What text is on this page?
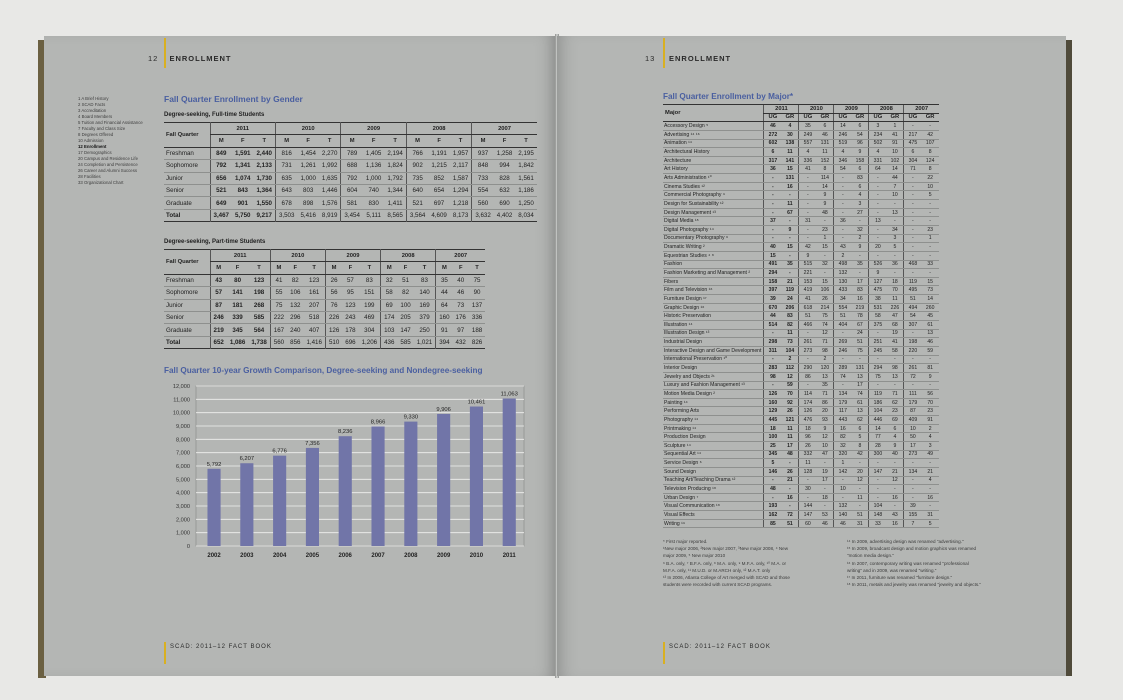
12 ENROLLMENT
1 A Brief History
2 SCAD Facts
3 Accreditation
4 Board Members
5 Tuition and Financial Assistance
7 Faculty and Class Size
8 Degrees Offered
10 Admission
12 Enrollment
17 Demographics
20 Campus and Residence Life
24 Completion and Persistence
26 Career and Alumni Success
28 Facilities
33 Organizational Chart
Fall Quarter Enrollment by Gender
Degree-seeking, Full-time Students
Fall Quarter	2011			2010			2009			2008			2007		
	M	F	T	M	F	T	M	F	T	M	F	T	M	F	T
Freshman	849	1,591	2,440	816	1,454	2,270	789	1,405	2,194	766	1,191	1,957	937	1,258	2,195
Sophomore	792	1,341	2,133	731	1,261	1,992	688	1,136	1,824	902	1,215	2,117	848	994	1,842
Junior	656	1,074	1,730	635	1,000	1,635	792	1,000	1,792	735	852	1,587	733	828	1,561
Senior	521	843	1,364	643	803	1,446	604	740	1,344	640	654	1,294	554	632	1,186
Graduate	649	901	1,550	678	898	1,576	581	830	1,411	521	697	1,218	560	690	1,250
Total	3,467	5,750	9,217	3,503	5,416	8,919	3,454	5,111	8,565	3,564	4,609	8,173	3,632	4,402	8,034
Degree-seeking, Part-time Students
Fall Quarter	2011			2010			2009			2008			2007		
	M	F	T	M	F	T	M	F	T	M	F	T	M	F	T
Freshman	43	80	123	41	82	123	26	57	83	32	51	83	35	40	75
Sophomore	57	141	198	55	106	161	56	95	151	58	82	140	44	46	90
Junior	87	181	268	75	132	207	76	123	199	69	100	169	64	73	137
Senior	246	339	585	222	296	518	226	243	469	174	205	379	160	176	336
Graduate	219	345	564	167	240	407	126	178	304	103	147	250	91	97	188
Total	652	1,086	1,738	560	856	1,416	510	696	1,206	436	585	1,021	394	432	826
Fall Quarter 10-year Growth Comparison, Degree-seeking and Nondegree-seeking
0
1,000
2,000
3,000
4,000
5,000
6,000
7,000
8,000
9,000
10,000
11,000
12,000
5,792
2002
6,207
2003
6,776
2004
7,356
2005
8,236
2006
8,966
2007
9,330
2008
9,906
2009
10,461
2010
11,063
2011
SCAD: 2011–12 FACT BOOK
13	ENROLLMENT
Fall Quarter Enrollment by Major*
Major	2011		2010		2009		2008		2007	
	UG	GR	UG	GR	UG	GR	UG	GR	UG	GR
Accessory Design ⁵	46	4	35	6	14	6	3	1	-	-
Advertising ¹⁴ ¹⁶	272	30	249	46	246	54	234	41	217	42
Animation ¹⁴	602	138	557	131	519	96	502	91	475	107
Architectural History	6	11	4	11	4	9	4	10	6	8
Architecture	317	141	336	152	346	158	331	102	304	124
Art History	36	15	41	8	54	6	64	14	71	8
Arts Administration ¹⁰	-	131	-	114	-	83	-	44	-	22
Cinema Studies ¹²	-	16	-	14	-	6	-	7	-	10
Commercial Photography ⁹	-	-	-	9	-	4	-	10	-	5
Design for Sustainability ¹²	-	11	-	9	-	3	-	-	-	-
Design Management ¹³	-	67	-	48	-	27	-	13	-	-
Digital Media ¹⁸	37	-	31	-	36	-	13	-	-	-
Digital Photography ¹⁴	-	9	-	23	-	32	-	34	-	23
Documentary Photography ⁶	-	-	-	1	-	2	-	3	-	1
Dramatic Writing ²	40	15	42	15	43	9	20	5	-	-
Equestrian Studies ⁴ ⁸	15	-	9	-	2	-	-	-	-	-
Fashion	491	35	515	32	498	35	526	36	468	33
Fashion Marketing and Management ²	294	-	221	-	132	-	9	-	-	-
Fibers	158	21	153	15	130	17	127	18	119	15
Film and Television ¹⁶	397	119	419	106	433	83	475	70	495	73
Furniture Design ¹⁷	39	24	41	26	34	16	38	11	51	14
Graphic Design ¹⁶	670	206	618	214	554	219	531	226	494	260
Historic Preservation	44	83	51	75	51	78	58	47	54	45
Illustration ¹⁴	514	82	466	74	404	67	375	68	307	61
Illustration Design ¹³	-	11	-	12	-	24	-	19	-	13
Industrial Design	298	73	261	71	269	51	251	41	198	46
Interactive Design and Game Development	311	104	273	98	246	75	245	58	220	59
International Preservation ¹⁰	-	2	-	2	-	-	-	-	-	-
Interior Design	283	112	290	120	289	131	294	98	261	81
Jewelry and Objects ²¹	98	12	86	13	74	13	75	13	72	9
Luxury and Fashion Management ¹³	-	59	-	35	-	17	-	-	-	-
Motion Media Design ²	126	70	114	71	134	74	119	71	111	56
Painting ¹⁴	160	92	174	86	179	61	186	62	179	70
Performing Arts	129	26	126	20	117	13	104	23	87	23
Photography ¹⁴	445	121	476	93	443	62	446	69	409	91
Printmaking ¹⁴	18	11	18	9	16	6	14	6	10	2
Production Design	100	11	96	12	82	5	77	4	50	4
Sculpture ¹⁴	25	17	26	10	32	8	28	9	17	3
Sequential Art ¹⁴	345	48	332	47	320	42	300	40	273	49
Service Design ⁶	5	-	11	-	1	-	-	-	-	-
Sound Design	146	26	128	19	142	20	147	21	134	21
Teaching Art/Teaching Drama ¹²	-	21	-	17	-	12	-	12	-	4
Television Producing ¹⁸	48	-	30	-	10	-	-	-	-	-
Urban Design ⁷	-	16	-	18	-	11	-	16	-	16
Visual Communication ¹⁸	193	-	144	-	132	-	104	-	39	-
Visual Effects	162	72	147	53	140	51	148	43	155	31
Writing ¹⁹	85	51	60	46	46	31	33	16	7	5
* First major reported.
¹New major 2006, ²New major 2007, ³New major 2008, ⁴ New
major 2009, ⁵ New major 2010
⁶ B.A. only, ⁷ B.F.A. only, ⁸ M.A. only, ⁹ M.F.A. only, ¹⁰ M.A. or
M.F.A. only, ¹¹ M.U.D. or M.ARCH only, ¹² M.A.T. only
¹³ In 2006, Atlanta College of Art merged with SCAD and those
students were recorded with current SCAD programs.
¹⁴ In 2009, advertising design was renamed "advertising."
¹⁵ In 2009, broadcast design and motion graphics was renamed
"motion media design."
¹⁶ In 2007, contemporary writing was renamed "professional
writing" and in 2009, was renamed "writing."
¹⁷ In 2011, furniture was renamed "furniture design."
¹⁸ In 2011, metals and jewelry was renamed "jewelry and objects."
SCAD: 2011–12 FACT BOOK
